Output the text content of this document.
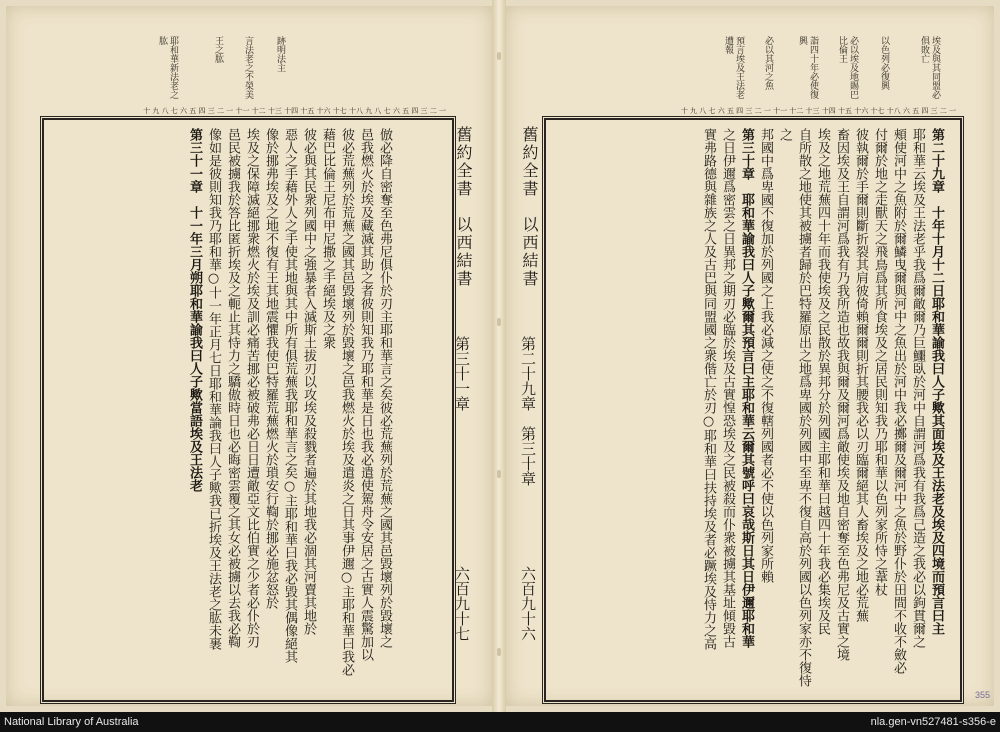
耶和華新法老之肱	王之肱 言法老之不榮美 跡明法主
十 九 八 七 六 五 四 三 二 一 十一 十二 十三 十四 十五 十六 十七 十八 九 八 七 六 五 四 三 二 一

倣必降自密奪至色弗尼俱仆於刃主耶和華言之矣彼必荒蕪列於荒蕪之國其邑毀壞列於毀壞之

邑我燃火於埃及藏滅其助之者彼則知我乃耶和華是日也我必遣使駕舟令安居之古實人震驚加以

彼必荒蕪列於荒蕪之國其邑毀壞列於毀壞之邑我燃火於埃及遣炎之日其事伊邇○主耶和華曰我必藉巴比倫王尼布甲尼撒之手絕埃及之衆

彼必與其民衆列國中之強暴者入滅斯土拔刃以攻埃及殺戮者遍於其地我必涸其河賣其地於

惡人之手藉外人之手使其地與其中所有俱荒蕪我耶和華言之矣○主耶和華曰我必毀其偶像絕其

像於挪弗埃及之地不復有王其地震懼我使巴特羅荒蕪燃火於瑣安行鞫於挪必施忿怒於

埃及之保障滅絕挪衆燃火於埃及訓必痛苦挪必被破弗必日日遭敵亞文比伯實之少者必仆於刃

邑民被擄我於答比匿折埃及之軛止其恃力之驕傲時日也必晦密雲覆之其女必被擄以去我必鞫

像如是彼則知我乃耶和華○十一年正月七日耶和華論我曰人子歟我已折埃及王法老之肱未裹

第三十一章　十一年三月朔耶和華諭我曰人子歟當語埃及王法老	舊約全書　以西結書
第三十一章
六百九十七
預言埃及王法老遭報	必以其河之魚	詣四十年必使復興	必以埃及地賜巴比倫王	以色列必復興	埃及與其同盟必俱敗亡
十 九 八 七 六 五 四 三 二 一 十一 十二 十三 十四 十五 十六 十七 十八 六 五 四 三 二 一
舊約全書　以西結書
第二十九章　第三十章
六百九十六	第二十九章　十年十月十二日耶和華諭我曰人子歟其面埃及王法老及埃及四境而預言曰主

耶和華云埃及王法老乎我爲爾敵爾乃巨鱷臥於河中自謂河爲我有我爲己造之我必以鉤貫爾之

頰使河中之魚附於爾鱗曳爾與河中之魚出於河中我必擲爾及爾河中之魚於野仆於田間不收不斂必

付爾於地之走獸天之飛鳥爲其所食埃及之居民則知我乃耶和華以色列家所恃之葦杖

彼執爾於手爾則斷折裂其肩彼倚賴爾爾則折其腰我必以刃臨爾絕其人畜埃及之地必荒蕪

畜因埃及王自謂河爲我有乃我所造也故我與爾及爾河爲敵使埃及地自密奪至色弗尼及古實之境

埃及之地荒蕪四十年而我使埃及之民散於異邦分於列國主耶和華曰越四十年我必集埃及民

自所散之地使其被擄者歸於巴特羅原出之地爲卑國於列國中至卑不復自高於列國以色列家亦不復恃之

邦國中爲卑國不復加於列國之上我必減之使之不復轄列國者必不使以色列家所賴

第三十章　耶和華諭我曰人子歟爾其預言曰主耶和華云爾其號呼曰哀哉斯日其日伊邇耶和華

之日伊邇爲密雲之日異邦之期刃必臨於埃及古實惶恐埃及之民被殺而仆衆被擄其基址傾毀古

實弗路德與雜族之人及古巴與同盟國之衆偕亡於刃○耶和華曰扶持埃及者必蹶埃及恃力之高

355
National Library of Australia	nla.gen-vn527481-s356-e
